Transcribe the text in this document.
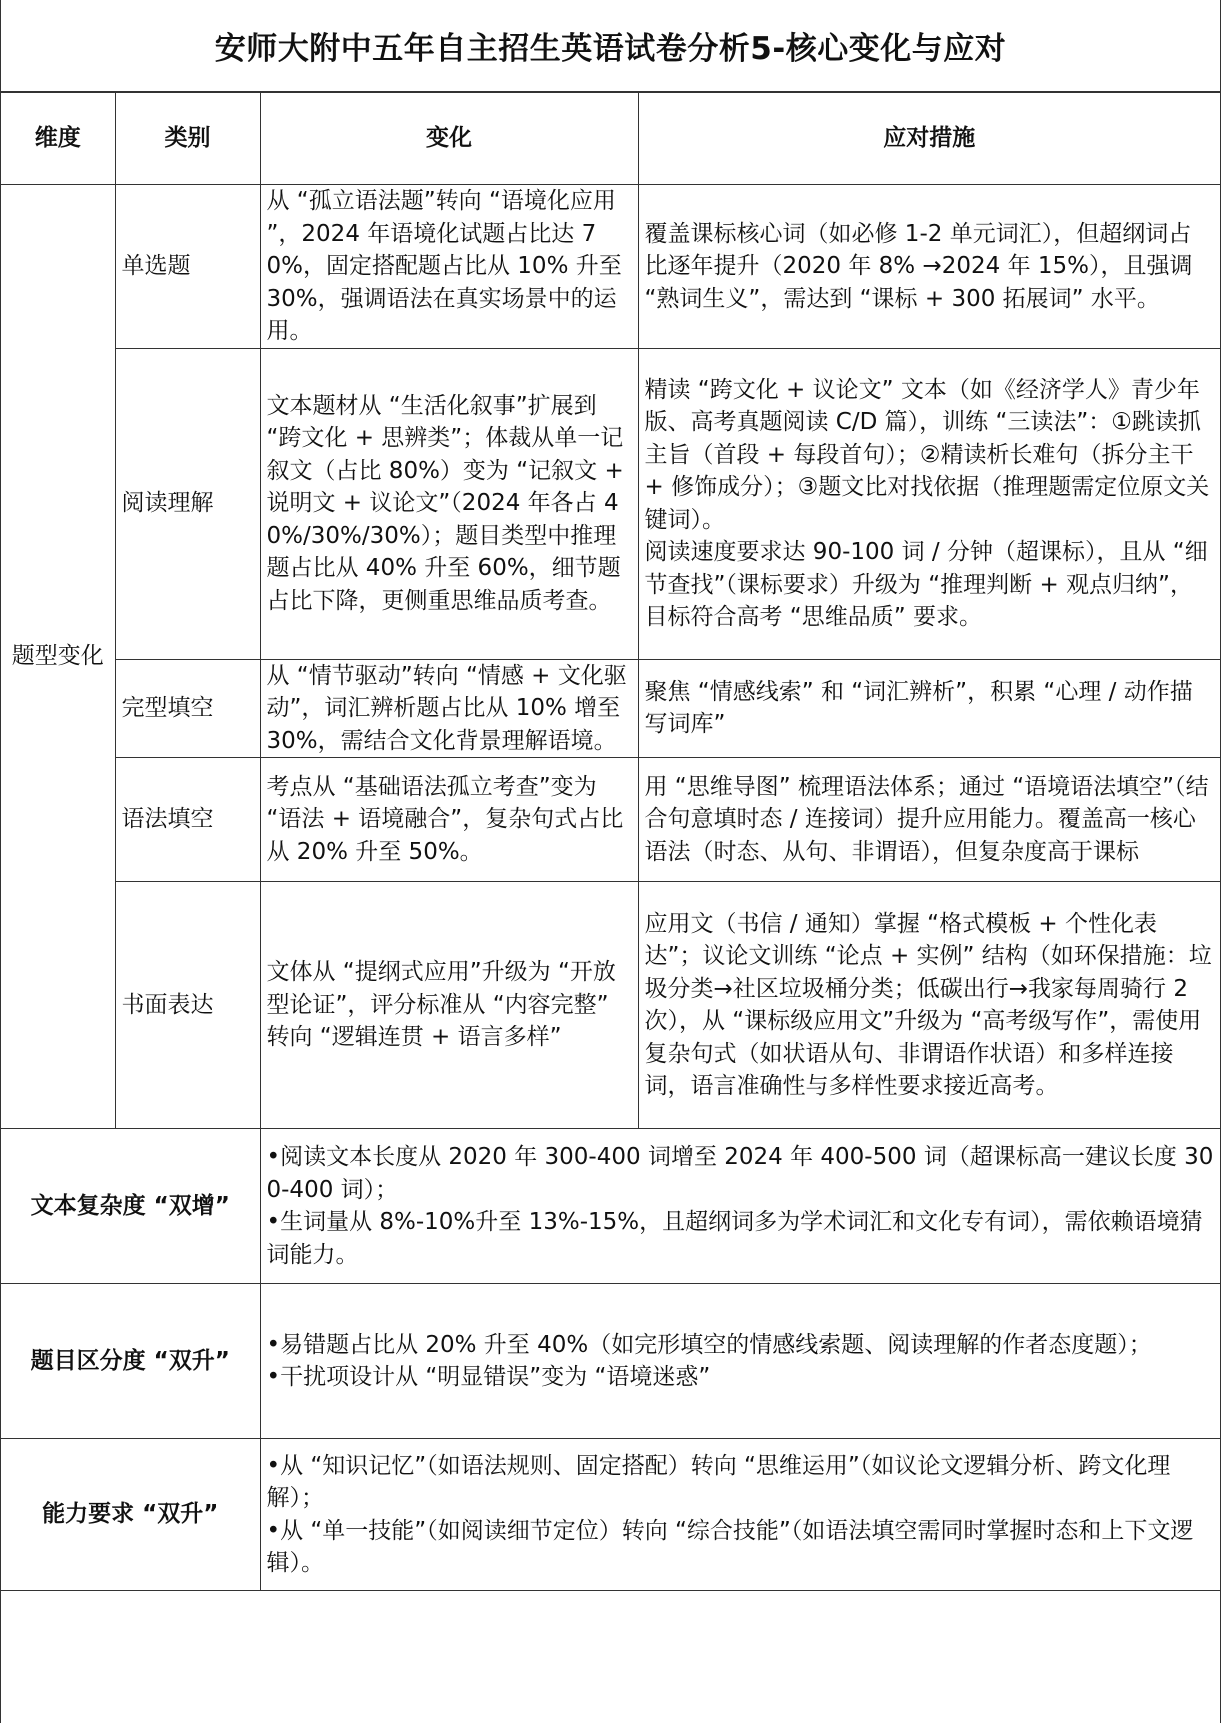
安师大附中五年自主招生英语试卷分析5-核心变化与应对
维度	类别	变化	应对措施
题型变化	单选题	从 “孤立语法题”转向 “语境化应用 ”，2024 年语境化试题占比达 70%，固定搭配题占比从 10% 升至 30%，强调语法在真实场景中的运用。	覆盖课标核心词（如必修 1-2 单元词汇），但超纲词占比逐年提升（2020 年 8% →2024 年 15%），且强调 “熟词生义”，需达到 “课标 + 300 拓展词” 水平。
	阅读理解	文本题材从 “生活化叙事”扩展到 “跨文化 + 思辨类”；体裁从单一记叙文（占比 80%）变为 “记叙文 + 说明文 + 议论文”（2024 年各占 40%/30%/30%）；题目类型中推理题占比从 40% 升至 60%，细节题占比下降，更侧重思维品质考查。	精读 “跨文化 + 议论文” 文本（如《经济学人》青少年版、高考真题阅读 C/D 篇），训练 “三读法”：①跳读抓主旨（首段 + 每段首句）；②精读析长难句（拆分主干 + 修饰成分）；③题文比对找依据（推理题需定位原文关键词）。
阅读速度要求达 90-100 词 / 分钟（超课标），且从 “细节查找”（课标要求）升级为 “推理判断 + 观点归纳”，目标符合高考 “思维品质” 要求。

	完型填空	从 “情节驱动”转向 “情感 + 文化驱动”，词汇辨析题占比从 10% 增至 30%，需结合文化背景理解语境。	聚焦 “情感线索” 和 “词汇辨析”，积累 “心理 / 动作描写词库”
	语法填空	考点从 “基础语法孤立考查”变为 “语法 + 语境融合”，复杂句式占比从 20% 升至 50%。	用 “思维导图” 梳理语法体系；通过 “语境语法填空”（结合句意填时态 / 连接词）提升应用能力。覆盖高一核心语法（时态、从句、非谓语），但复杂度高于课标
	书面表达	文体从 “提纲式应用”升级为 “开放型论证”，评分标准从 “内容完整” 转向 “逻辑连贯 + 语言多样”	应用文（书信 / 通知）掌握 “格式模板 + 个性化表达”；议论文训练 “论点 + 实例” 结构（如环保措施：垃圾分类→社区垃圾桶分类；低碳出行→我家每周骑行 2 次），从 “课标级应用文”升级为 “高考级写作”，需使用复杂句式（如状语从句、非谓语作状语）和多样连接词，语言准确性与多样性要求接近高考。
文本复杂度 “双增”		•阅读文本长度从 2020 年 300-400 词增至 2024 年 400-500 词（超课标高一建议长度 300-400 词）；
•生词量从 8%-10%升至 13%-15%，且超纲词多为学术词汇和文化专有词），需依赖语境猜词能力。	

题目区分度 “双升”		•易错题占比从 20% 升至 40%（如完形填空的情感线索题、阅读理解的作者态度题）；
•干扰项设计从 “明显错误”变为 “语境迷惑”	

能力要求 “双升”		•从 “知识记忆”（如语法规则、固定搭配）转向 “思维运用”（如议论文逻辑分析、跨文化理解）；
•从 “单一技能”（如阅读细节定位）转向 “综合技能”（如语法填空需同时掌握时态和上下文逻辑）。	
